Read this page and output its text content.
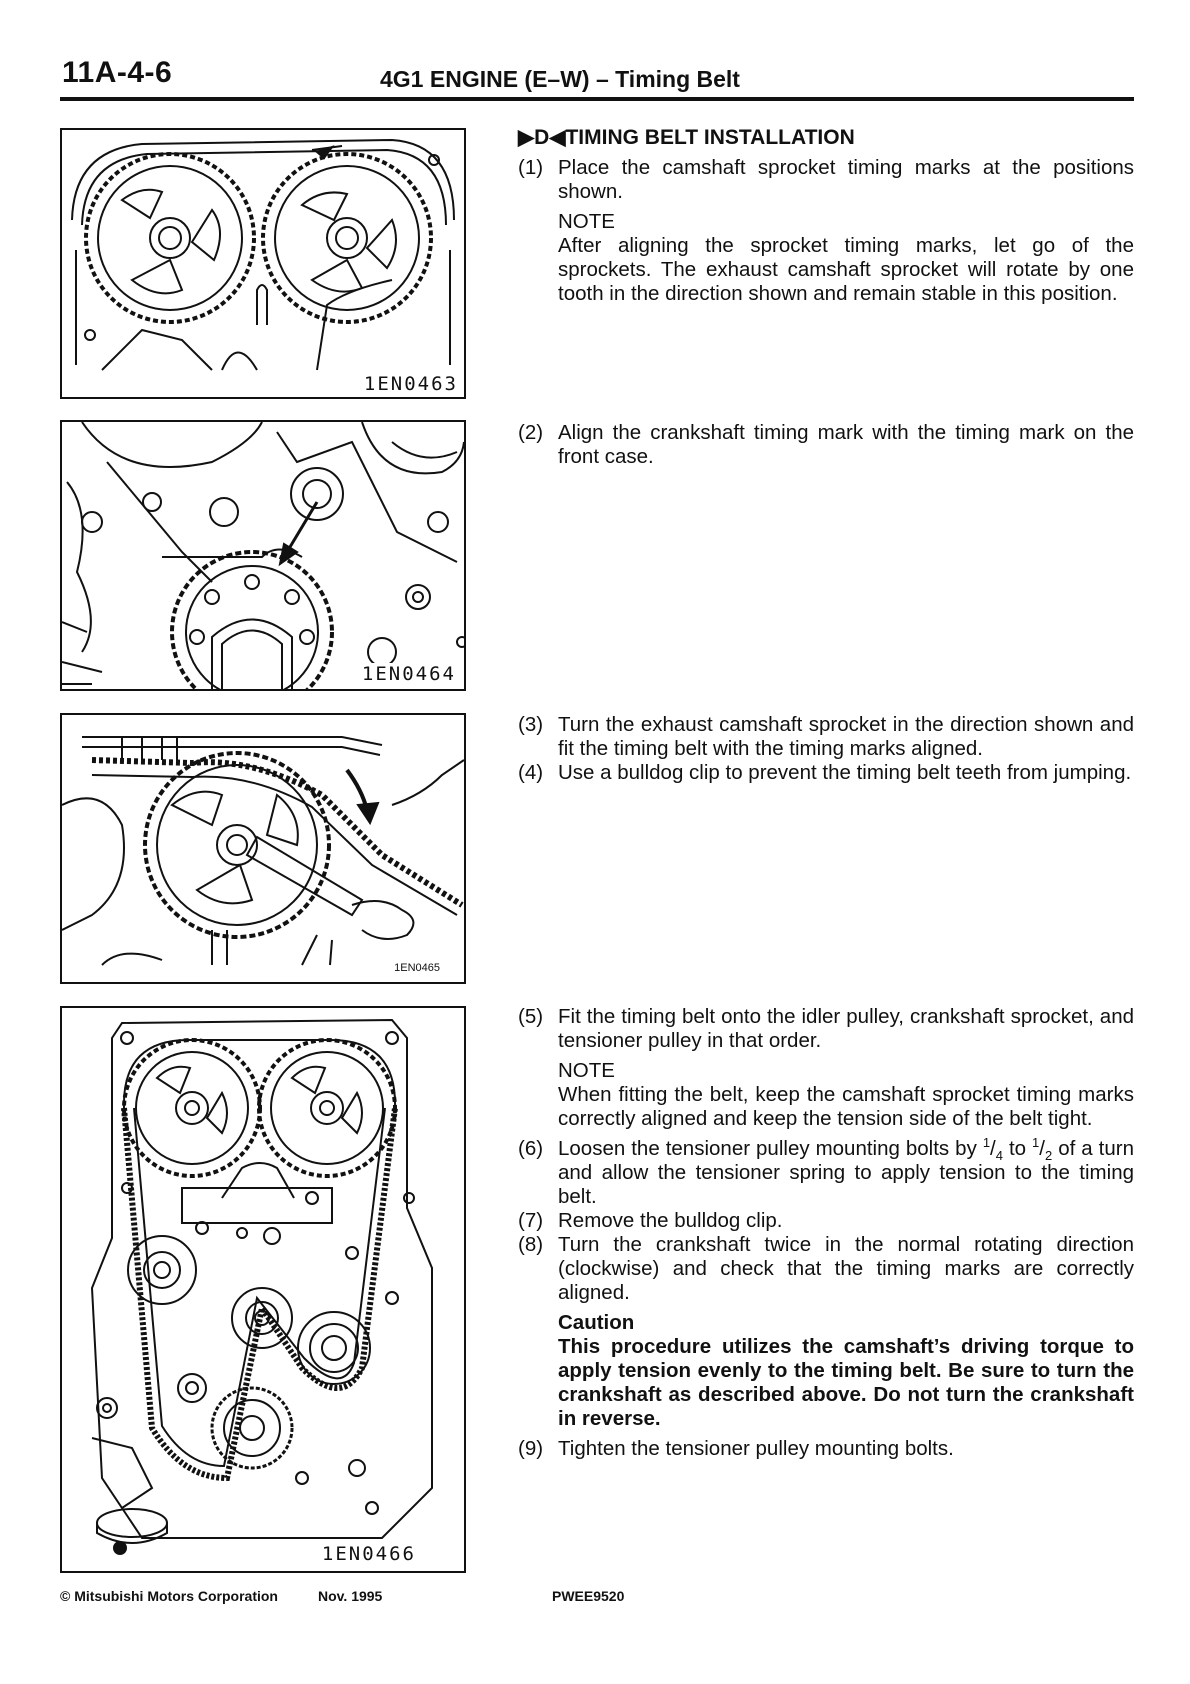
11A-4-6	4G1 ENGINE (E–W) – Timing Belt
1EN0463
1EN0464
1EN0465
1EN0466
▶D◀TIMING BELT INSTALLATION
(1) Place the camshaft sprocket timing marks at the positions shown.
NOTE
After aligning the sprocket timing marks, let go of the sprockets. The exhaust camshaft sprocket will rotate by one tooth in the direction shown and remain stable in this position.
(2) Align the crankshaft timing mark with the timing mark on the front case.
(3) Turn the exhaust camshaft sprocket in the direction shown and fit the timing belt with the timing marks aligned.
(4) Use a bulldog clip to prevent the timing belt teeth from jumping.
(5) Fit the timing belt onto the idler pulley, crankshaft sprocket, and tensioner pulley in that order.
NOTE
When fitting the belt, keep the camshaft sprocket timing marks correctly aligned and keep the tension side of the belt tight.
(6) Loosen the tensioner pulley mounting bolts by $^1/_4$ to $^1/_2$ of a turn and allow the tensioner spring to apply tension to the timing belt.
(7) Remove the bulldog clip.
(8) Turn the crankshaft twice in the normal rotating direction (clockwise) and check that the timing marks are correctly aligned.
Caution
This procedure utilizes the camshaft’s driving torque to apply tension evenly to the timing belt. Be sure to turn the crankshaft as described above. Do not turn the crankshaft in reverse.
(9) Tighten the tensioner pulley mounting bolts.
© Mitsubishi Motors Corporation	Nov. 1995	PWEE9520
